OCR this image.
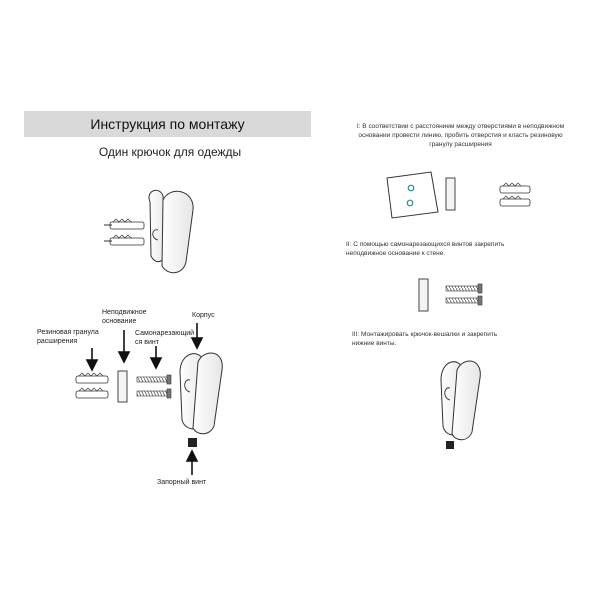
Инструкция по монтажу
Один крючок для одежды
Неподвижное
основание
Корпус
Резиновая гранула
расширения
Самонарезающий
ся винт
Запорный винт
I: В соответствии с расстоянием между отверстиями в неподвижном
основании провести линию, пробить отверстия и класть резиновую
гранулу расширения
II: С помощью самонарезающихся винтов закрепить
неподвижное основание к стене.
III: Монтажировать крючок-вешалки и закрепить
нижние винты.
